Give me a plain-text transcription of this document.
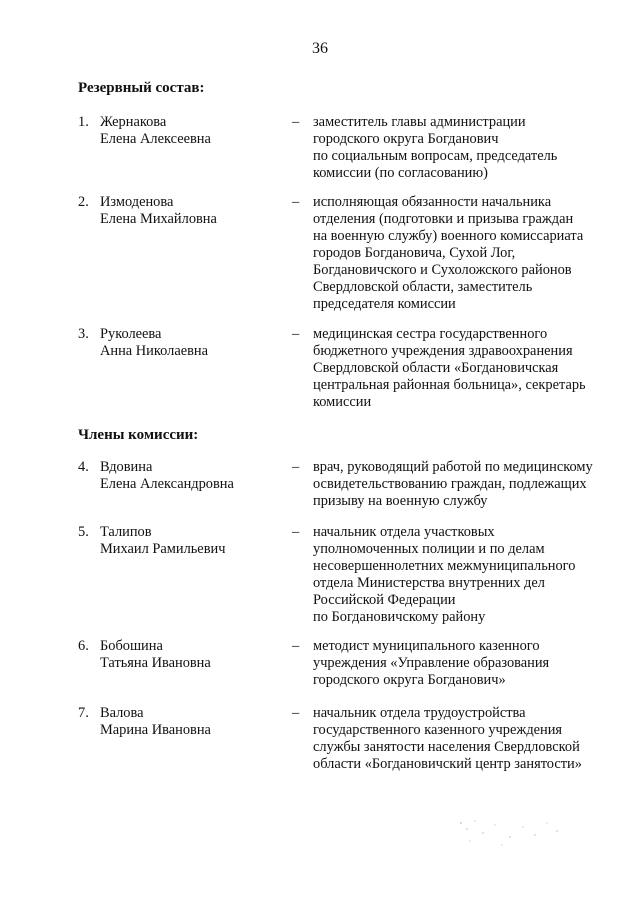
36
Резервный состав:
1. Жернакова
Елена Алексеевна
– заместитель главы администрации
городского округа Богданович
по социальным вопросам, председатель
комиссии (по согласованию)
2. Измоденова
Елена Михайловна
– исполняющая обязанности начальника
отделения (подготовки и призыва граждан
на военную службу) военного комиссариата
городов Богдановича, Сухой Лог,
Богдановичского и Сухоложского районов
Свердловской области, заместитель
председателя комиссии
3. Руколеева
Анна Николаевна
– медицинская сестра государственного
бюджетного учреждения здравоохранения
Свердловской области «Богдановичская
центральная районная больница», секретарь
комиссии
Члены комиссии:
4. Вдовина
Елена Александровна
– врач, руководящий работой по медицинскому
освидетельствованию граждан, подлежащих
призыву на военную службу
5. Талипов
Михаил Рамильевич
– начальник отдела участковых
уполномоченных полиции и по делам
несовершеннолетних межмуниципального
отдела Министерства внутренних дел
Российской Федерации
по Богдановичскому району
6. Бобошина
Татьяна Ивановна
– методист муниципального казенного
учреждения «Управление образования
городского округа Богданович»
7. Валова
Марина Ивановна
– начальник отдела трудоустройства
государственного казенного учреждения
службы занятости населения Свердловской
области «Богдановичский центр занятости»
